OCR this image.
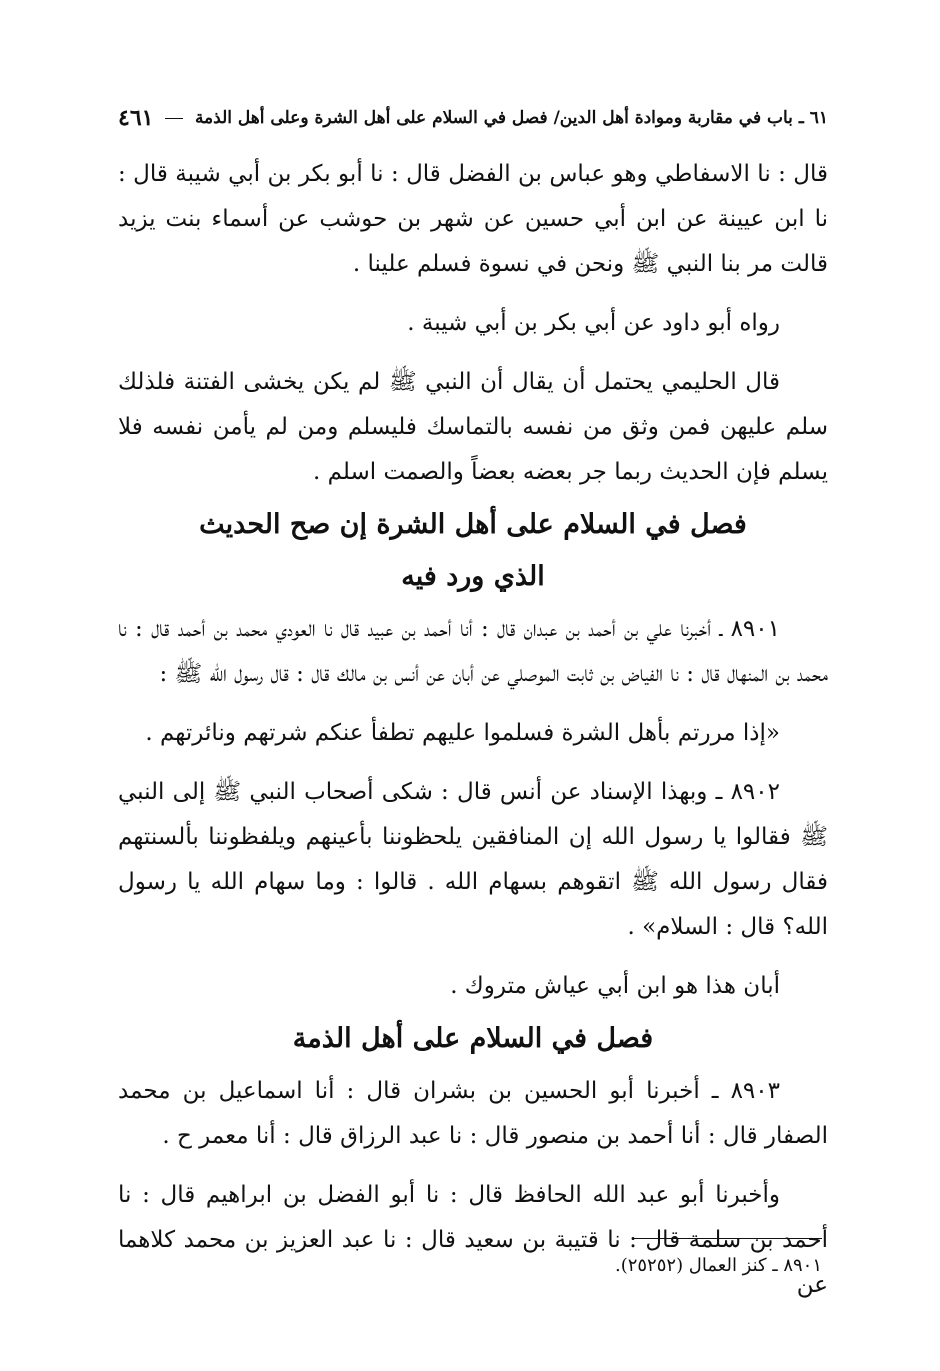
٦١ ـ باب في مقاربة وموادة أهل الدين/ فصل في السلام على أهل الشرة وعلى أهل الذمة
٤٦١

قال : نا الاسفاطي وهو عباس بن الفضل قال : نا أبو بكر بن أبي شيبة قال : نا ابن عيينة عن ابن أبي حسين عن شهر بن حوشب عن أسماء بنت يزيد قالت مر بنا النبي ﷺ ونحن في نسوة فسلم علينا .

رواه أبو داود عن أبي بكر بن أبي شيبة .

قال الحليمي يحتمل أن يقال أن النبي ﷺ لم يكن يخشى الفتنة فلذلك سلم عليهن فمن وثق من نفسه بالتماسك فليسلم ومن لم يأمن نفسه فلا يسلم فإن الحديث ربما جر بعضه بعضاً والصمت اسلم .

فصل في السلام على أهل الشرة إن صح الحديث
الذي ورد فيه

٨٩٠١ ـ أخبرنا علي بن أحمد بن عبدان قال : أنا أحمد بن عبيد قال نا العودي محمد بن أحمد قال : نا محمد بن المنهال قال : نا الفياض بن ثابت الموصلي عن أبان عن أنس بن مالك قال : قال رسول الله ﷺ :

«إذا مررتم بأهل الشرة فسلموا عليهم تطفأ عنكم شرتهم ونائرتهم .

٨٩٠٢ ـ وبهذا الإسناد عن أنس قال : شكى أصحاب النبي ﷺ إلى النبي ﷺ فقالوا يا رسول الله إن المنافقين يلحظوننا بأعينهم ويلفظوننا بألسنتهم فقال رسول الله ﷺ اتقوهم بسهام الله . قالوا : وما سهام الله يا رسول الله؟ قال : السلام» .

أبان هذا هو ابن أبي عياش متروك .

فصل في السلام على أهل الذمة

٨٩٠٣ ـ أخبرنا أبو الحسين بن بشران قال : أنا اسماعيل بن محمد الصفار قال : أنا أحمد بن منصور قال : نا عبد الرزاق قال : أنا معمر ح .

وأخبرنا أبو عبد الله الحافظ قال : نا أبو الفضل بن ابراهيم قال : نا أحمد بن سلمة قال : نا قتيبة بن سعيد قال : نا عبد العزيز بن محمد كلاهما عن

٨٩٠١ ـ كنز العمال (٢٥٢٥٢).
